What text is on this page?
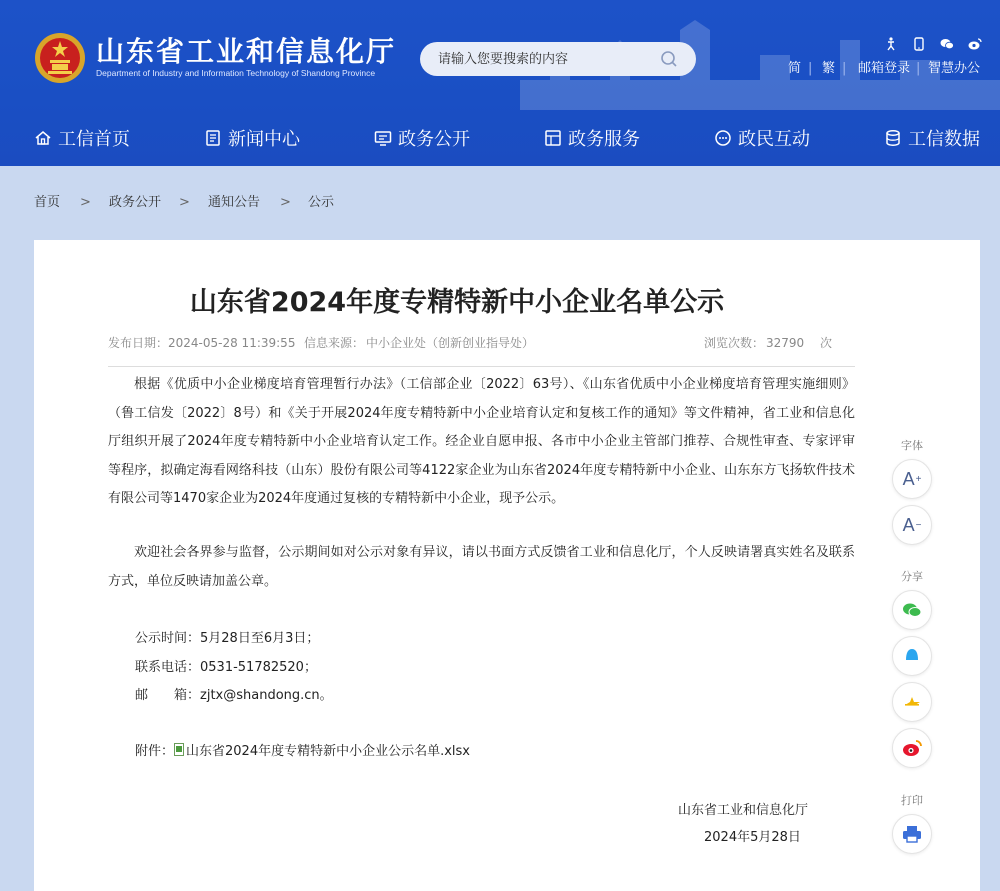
山东省工业和信息化厅
Department of Industry and Information Technology of Shandong Province
请输入您要搜索的内容	简 | 繁 | 邮箱登录 | 智慧办公
工信首页	新闻中心	政务公开	政务服务	政民互动	工信数据
首页 > 政务公开 > 通知公告 > 公示
山东省2024年度专精特新中小企业名单公示
发布日期： 2024-05-28 11:39:55 信息来源： 中小企业处（创新创业指导处）	浏览次数： 32790 次

根据《优质中小企业梯度培育管理暂行办法》（工信部企业〔2022〕63号）、《山东省优质中小企业梯度培育管理实施细则》（鲁工信发〔2022〕8号）和《关于开展2024年度专精特新中小企业培育认定和复核工作的通知》等文件精神，省工业和信息化厅组织开展了2024年度专精特新中小企业培育认定工作。经企业自愿申报、各市中小企业主管部门推荐、合规性审查、专家评审等程序，拟确定海看网络科技（山东）股份有限公司等4122家企业为山东省2024年度专精特新中小企业、山东东方飞扬软件技术有限公司等1470家企业为2024年度通过复核的专精特新中小企业，现予公示。

欢迎社会各界参与监督，公示期间如对公示对象有异议，请以书面方式反馈省工业和信息化厅，个人反映请署真实姓名及联系方式，单位反映请加盖公章。

公示时间：5月28日至6月3日；
联系电话：0531-51782520；
邮　　箱：zjtx@shandong.cn。
附件： 山东省2024年度专精特新中小企业公示名单.xlsx
山东省工业和信息化厅
2024年5月28日
字体
A +
A −
分享
打印
